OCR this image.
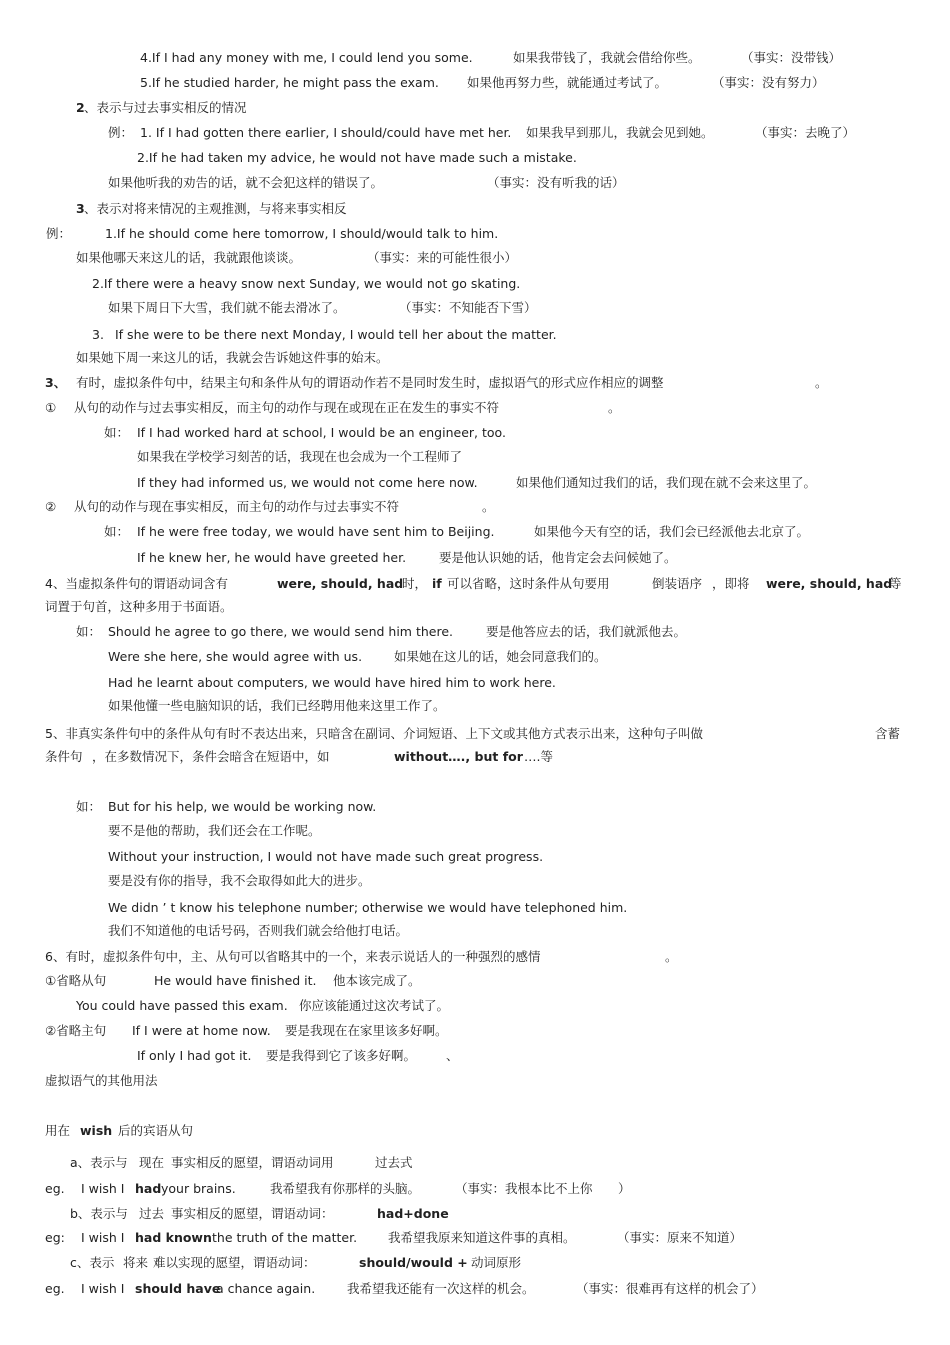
4.If I had any money with me, I could lend you some.	如果我带钱了，我就会借给你些。	（事实：没带钱）
5.If he studied harder, he might pass the exam. 如果他再努力些，就能通过考试了。	（事实：没有努力）
2 、表示与过去事实相反的情况
例： 1. If I had gotten there earlier, I should/could have met her. 如果我早到那儿，我就会见到她。	（事实：去晚了）
2.If he had taken my advice, he would not have made such a mistake.
如果他听我的劝告的话，就不会犯这样的错误了。	（事实：没有听我的话）
3 、表示对将来情况的主观推测，与将来事实相反
例：	1.If he should come here tomorrow, I should/would talk to him.
如果他哪天来这儿的话，我就跟他谈谈。	（事实：来的可能性很小）
2.If there were a heavy snow next Sunday, we would not go skating.
如果下周日下大雪，我们就不能去滑冰了。	（事实：不知能否下雪）
3. If she were to be there next Monday, I would tell her about the matter.
如果她下周一来这儿的话，我就会告诉她这件事的始末。
3、 有时，虚拟条件句中，结果主句和条件从句的谓语动作若不是同时发生时，虚拟语气的形式应作相应的调整	。
① 从句的动作与过去事实相反，而主句的动作与现在或现在正在发生的事实不符	。
如： If I had worked hard at school, I would be an engineer, too.
如果我在学校学习刻苦的话，我现在也会成为一个工程师了
If they had informed us, we would not come here now.	如果他们通知过我们的话，我们现在就不会来这里了。
② 从句的动作与现在事实相反，而主句的动作与过去事实不符	。
如： If he were free today, we would have sent him to Beijing.	如果他今天有空的话，我们会已经派他去北京了。
If he knew her, he would have greeted her.	要是他认识她的话，他肯定会去问候她了。
4、当虚拟条件句的谓语动词含有	were, should, had
时， if 可以省略，这时条件从句要用	倒装语序 ，即将 were, should, had
等
词置于句首，这种多用于书面语。
如： Should he agree to go there, we would send him there.	要是他答应去的话，我们就派他去。
Were she here, she would agree with us.	如果她在这儿的话，她会同意我们的。
Had he learnt about computers, we would have hired him to work here.
如果他懂一些电脑知识的话，我们已经聘用他来这里工作了。
5、非真实条件句中的条件从句有时不表达出来，只暗含在副词、介词短语、上下文或其他方式表示出来，这种句子叫做	含蓄
条件句 ，在多数情况下，条件会暗含在短语中，如	without…., but for ….等
如： But for his help, we would be working now.
要不是他的帮助，我们还会在工作呢。
Without your instruction, I would not have made such great progress.
要是没有你的指导，我不会取得如此大的进步。
We didn ’ t know his telephone number; otherwise we would have telephoned him.
我们不知道他的电话号码，否则我们就会给他打电话。
6、有时，虚拟条件句中，主、从句可以省略其中的一个，来表示说话人的一种强烈的感情	。
①省略从句	He would have finished it. 他本该完成了。
You could have passed this exam. 你应该能通过这次考试了。
②省略主句 If I were at home now. 要是我现在在家里该多好啊。
If only I had got it. 要是我得到它了该多好啊。 、
虚拟语气的其他用法
用在 wish 后的宾语从句
a、表示与 现在 事实相反的愿望，谓语动词用	过去式
eg. I wish I had your brains.	我希望我有你那样的头脑。	（事实：我根本比不上你 ）
b、表示与 过去 事实相反的愿望，谓语动词：	had+done
eg: I wish I had known the truth of the matter. 我希望我原来知道这件事的真相。	（事实：原来不知道）
c、表示 将来 难以实现的愿望，谓语动词：	should/would + 动词原形
eg. I wish I should have
a chance again.	我希望我还能有一次这样的机会。	（事实：很难再有这样的机会了）
